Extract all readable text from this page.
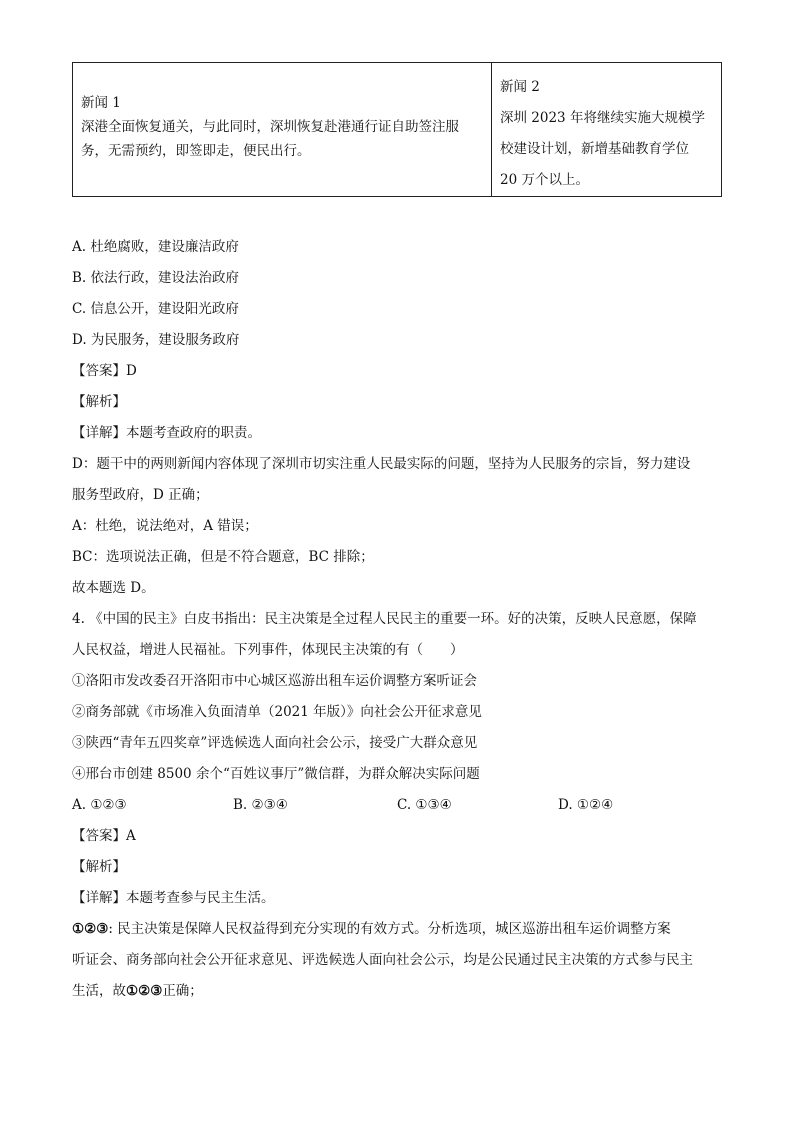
新闻 1
深港全面恢复通关，与此同时，深圳恢复赴港通行证自助签注服
务，无需预约，即签即走，便民出行。

新闻 2
深圳 2023 年将继续实施大规模学
校建设计划，新增基础教育学位
20 万个以上。
A. 杜绝腐败，建设廉洁政府
B. 依法行政，建设法治政府
C. 信息公开，建设阳光政府
D. 为民服务，建设服务政府
【答案】D
【解析】
【详解】本题考查政府的职责。
D：题干中的两则新闻内容体现了深圳市切实注重人民最实际的问题，坚持为人民服务的宗旨，努力建设
服务型政府，D 正确；
A：杜绝，说法绝对，A 错误；
BC：选项说法正确，但是不符合题意，BC 排除；
故本题选 D。
4. 《中国的民主》白皮书指出：民主决策是全过程人民民主的重要一环。好的决策，反映人民意愿，保障
人民权益，增进人民福祉。下列事件，体现民主决策的有（　　）
①洛阳市发改委召开洛阳市中心城区巡游出租车运价调整方案听证会
②商务部就《市场准入负面清单（2021 年版）》向社会公开征求意见
③陕西“青年五四奖章”评选候选人面向社会公示，接受广大群众意见
④邢台市创建 8500 余个“百姓议事厅”微信群，为群众解决实际问题
A. ①②③	B. ②③④	C. ①③④	D. ①②④
【答案】A
【解析】
【详解】本题考查参与民主生活。
①②③: 民主决策是保障人民权益得到充分实现的有效方式。分析选项，城区巡游出租车运价调整方案
听证会、商务部向社会公开征求意见、评选候选人面向社会公示，均是公民通过民主决策的方式参与民主
生活，故①②③正确；
